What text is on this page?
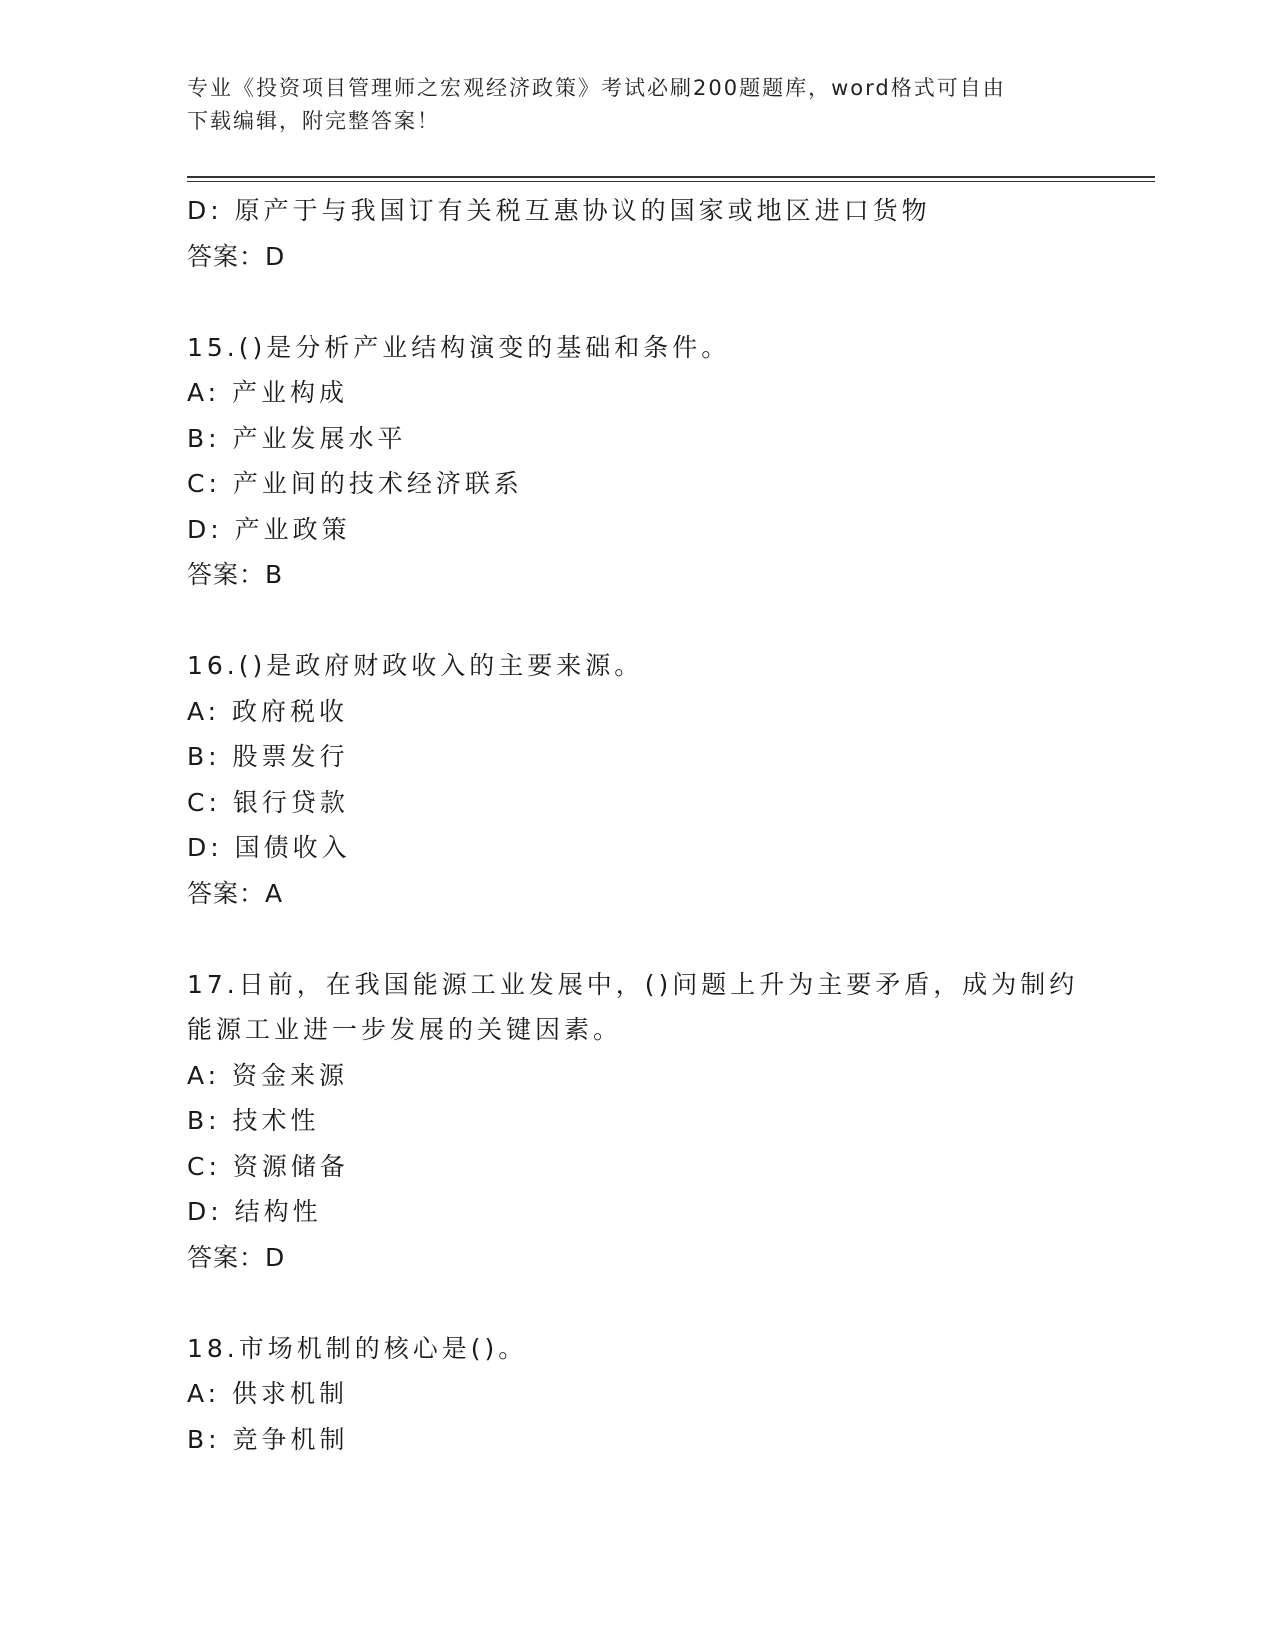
专业《投资项目管理师之宏观经济政策》考试必刷200题题库，word格式可自由
下载编辑，附完整答案！
D: 原产于与我国订有关税互惠协议的国家或地区进口货物
答案：D
15.()是分析产业结构演变的基础和条件。
A: 产业构成
B: 产业发展水平
C: 产业间的技术经济联系
D: 产业政策
答案：B
16.()是政府财政收入的主要来源。
A: 政府税收
B: 股票发行
C: 银行贷款
D: 国债收入
答案：A
17.日前，在我国能源工业发展中，()问题上升为主要矛盾，成为制约
能源工业进一步发展的关键因素。
A: 资金来源
B: 技术性
C: 资源储备
D: 结构性
答案：D
18.市场机制的核心是()。
A: 供求机制
B: 竞争机制
